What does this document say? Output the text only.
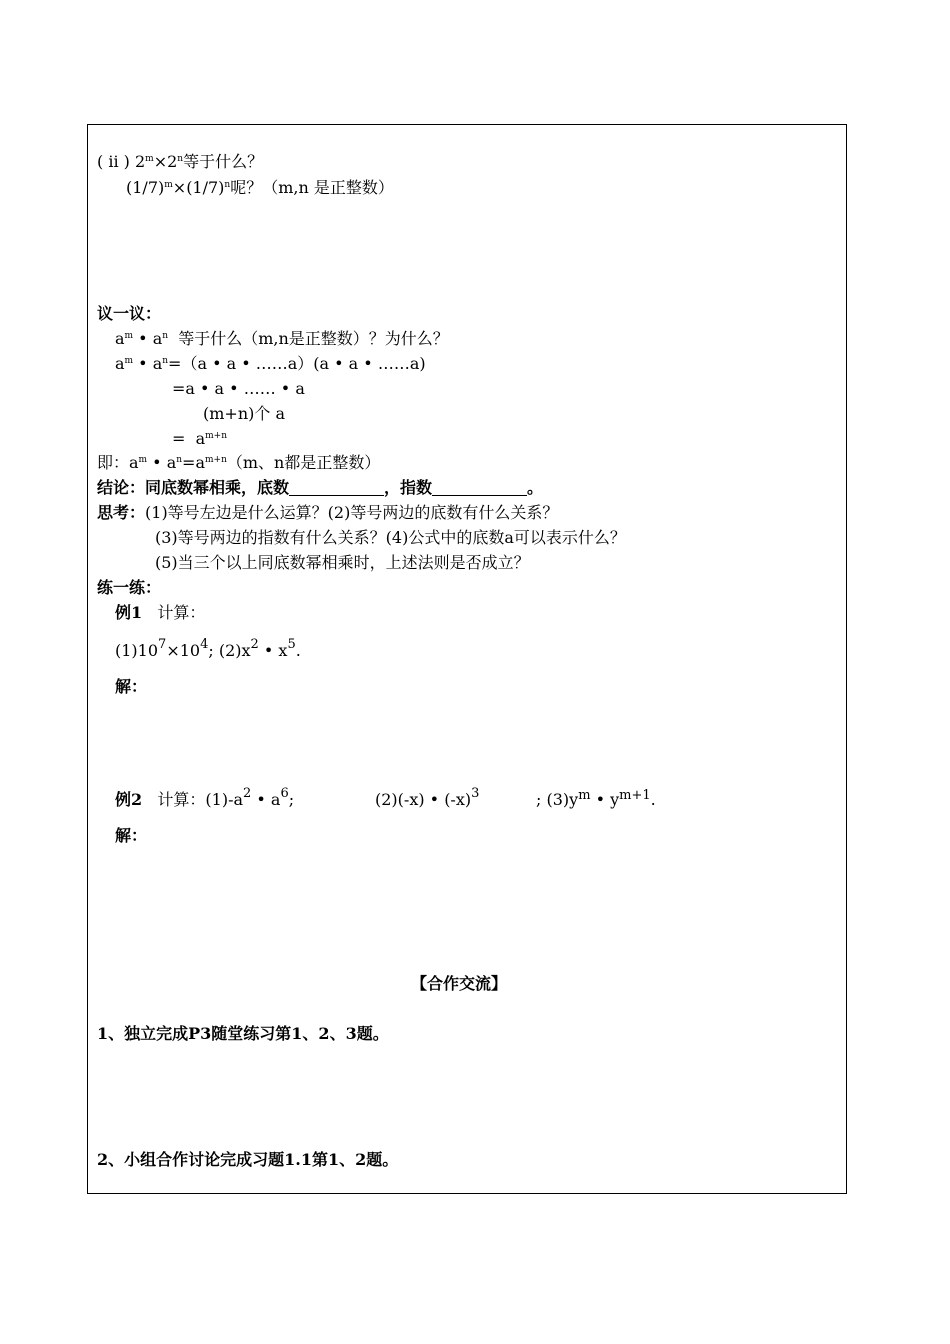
( ii ) $2^m\times 2^n$等于什么？
$(1/7)^m\times(1/7)^n$呢？（m,n 是正整数）
议一议：
$a^m$ • $a^n$  等于什么（m,n是正整数）？为什么？
$a^m$ • $a^n=(a$ • a • ……a）(a • a • ……a)
=a • a • …… • a
(m+n)个 a
=  $a^{m+n}$
即：$a^m$ • $a^n=a^{m+n}(m$、n都是正整数）
结论：同底数幂相乘，底数	，指数	。
思考：(1)等号左边是什么运算？(2)等号两边的底数有什么关系？
(3)等号两边的指数有什么关系？(4)公式中的底数a可以表示什么？
(5)当三个以上同底数幂相乘时，上述法则是否成立？
练一练：
例1 计算：
$(1)10^7\times 10^4$; $(2)x^2$ • $x^5$.
解：
例2 计算：$(1)-a^2$ • $a^6$;	(2)(-x) • $(-x)^3$	; $(3)y^m$ • $y^{m+1}$.
解：
【合作交流】
1、独立完成P3随堂练习第1、2、3题。
2、小组合作讨论完成习题1.1第1、2题。
